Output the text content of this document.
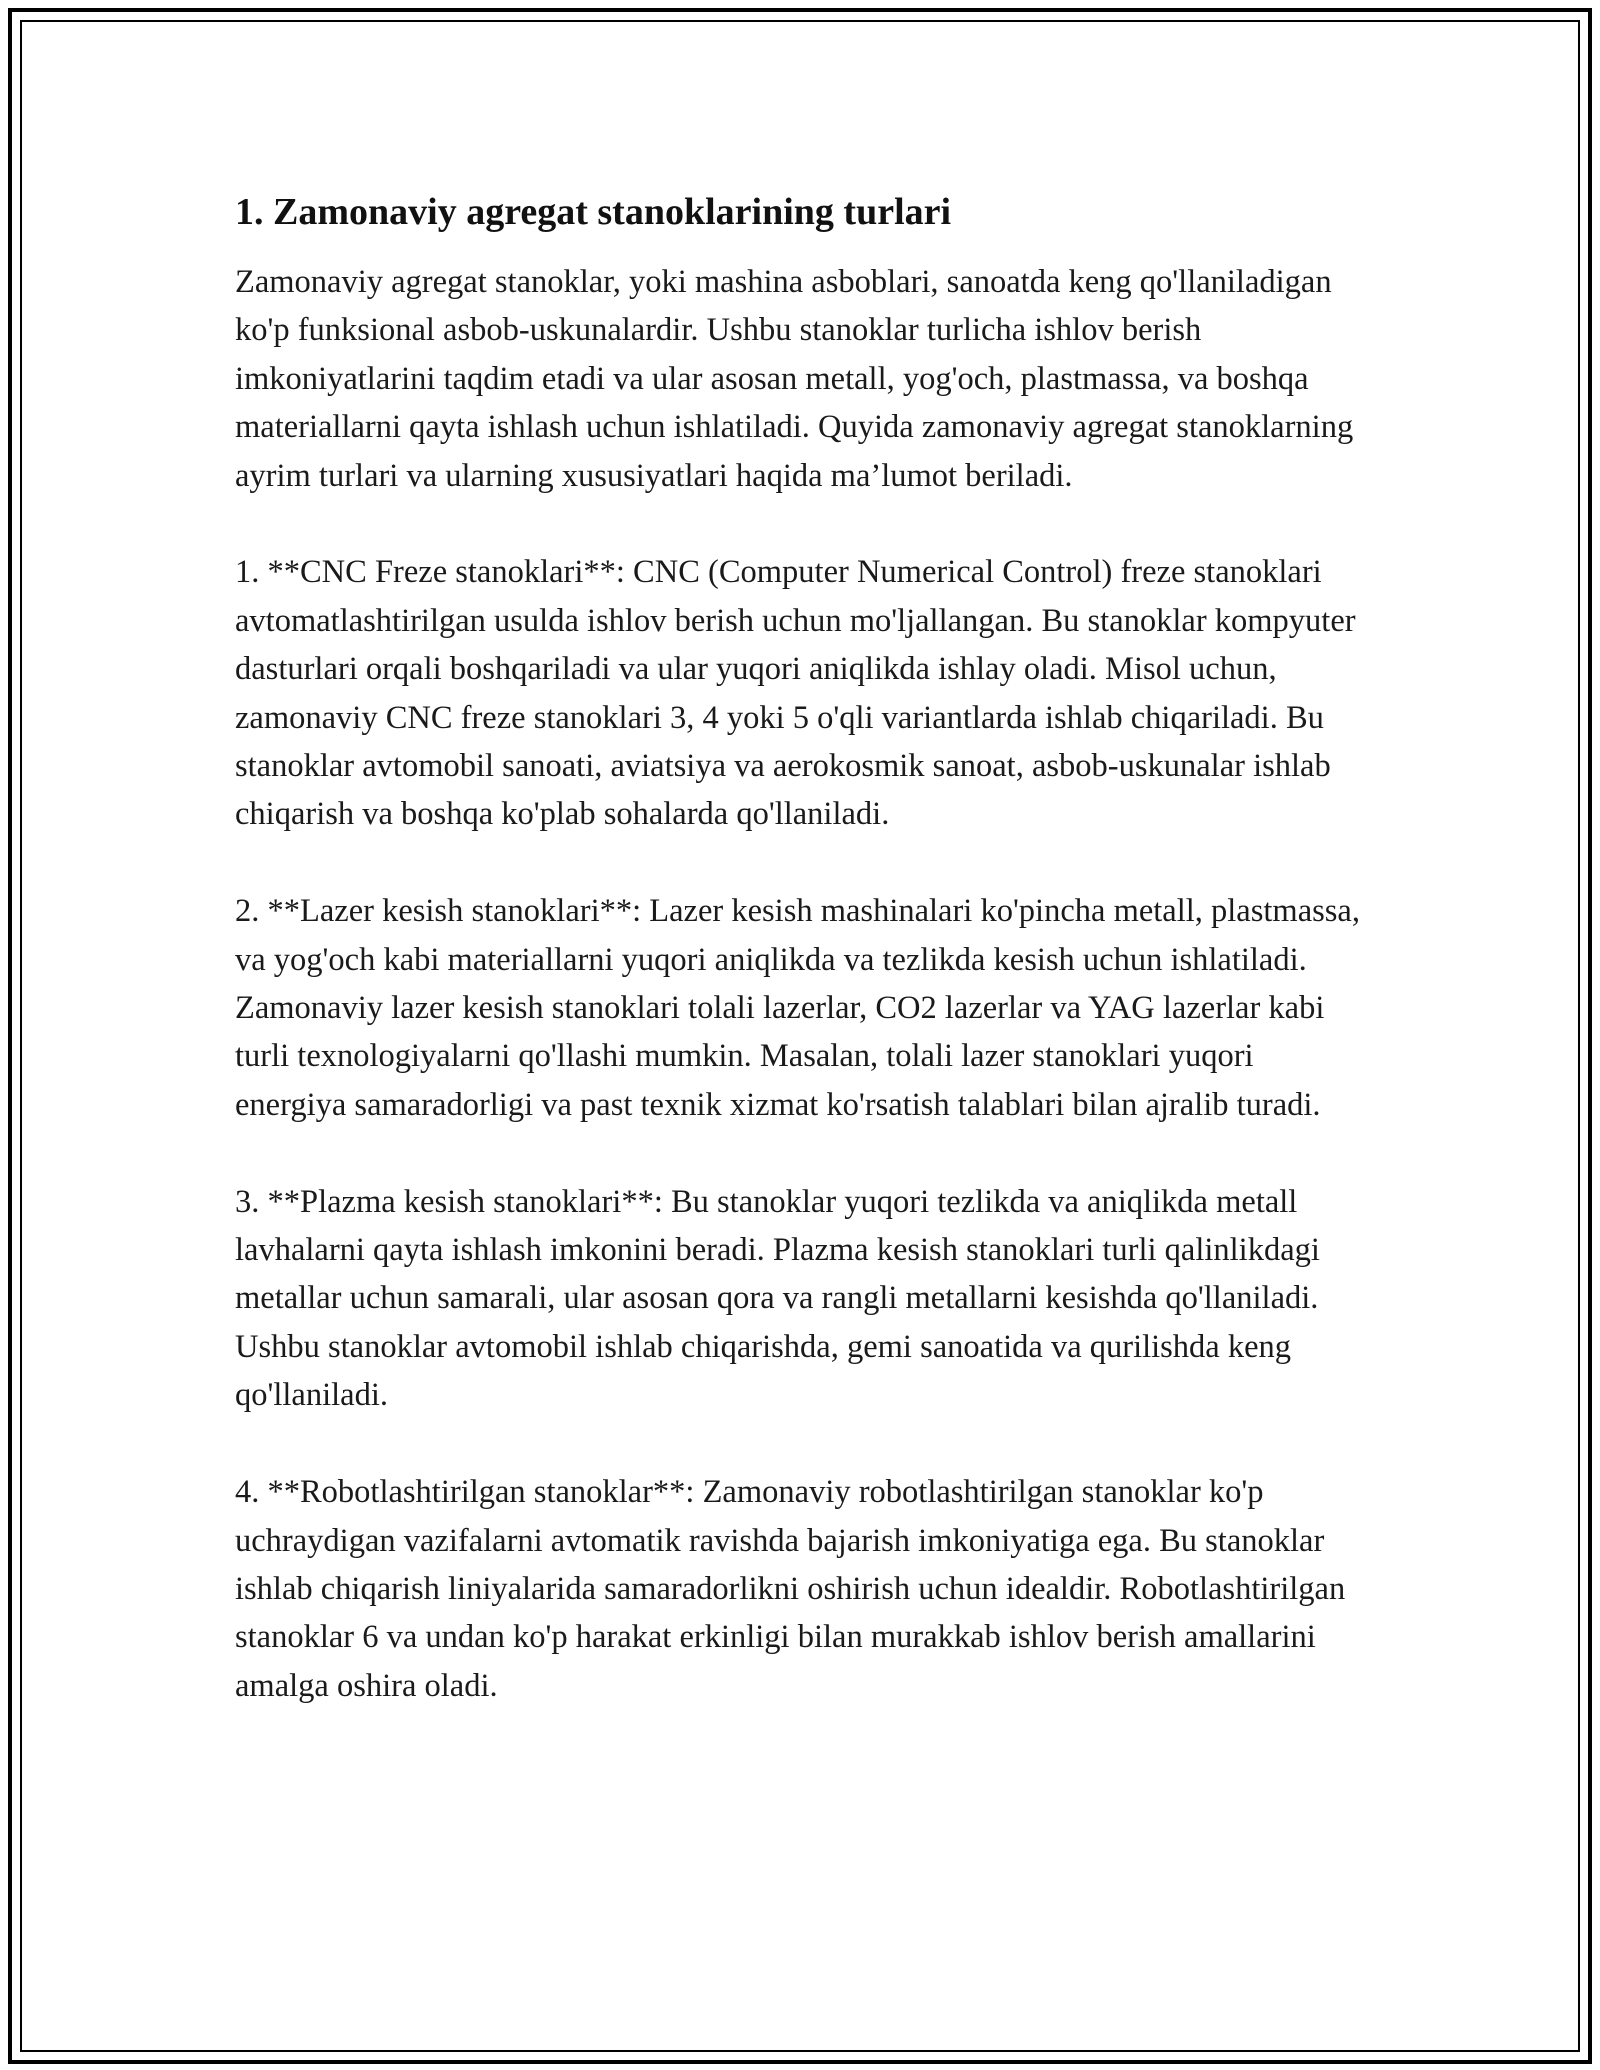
1. Zamonaviy agregat stanoklarining turlari

Zamonaviy agregat stanoklar, yoki mashina asboblari, sanoatda keng qo'llaniladigan ko'p funksional asbob-uskunalardir. Ushbu stanoklar turlicha ishlov berish imkoniyatlarini taqdim etadi va ular asosan metall, yog'och, plastmassa, va boshqa materiallarni qayta ishlash uchun ishlatiladi. Quyida zamonaviy agregat stanoklarning ayrim turlari va ularning xususiyatlari haqida ma’lumot beriladi.

1. **CNC Freze stanoklari**: CNC (Computer Numerical Control) freze stanoklari avtomatlashtirilgan usulda ishlov berish uchun mo'ljallangan. Bu stanoklar kompyuter dasturlari orqali boshqariladi va ular yuqori aniqlikda ishlay oladi. Misol uchun, zamonaviy CNC freze stanoklari 3, 4 yoki 5 o'qli variantlarda ishlab chiqariladi. Bu stanoklar avtomobil sanoati, aviatsiya va aerokosmik sanoat, asbob-uskunalar ishlab chiqarish va boshqa ko'plab sohalarda qo'llaniladi.

2. **Lazer kesish stanoklari**: Lazer kesish mashinalari ko'pincha metall, plastmassa, va yog'och kabi materiallarni yuqori aniqlikda va tezlikda kesish uchun ishlatiladi. Zamonaviy lazer kesish stanoklari tolali lazerlar, CO2 lazerlar va YAG lazerlar kabi turli texnologiyalarni qo'llashi mumkin. Masalan, tolali lazer stanoklari yuqori energiya samaradorligi va past texnik xizmat ko'rsatish talablari bilan ajralib turadi.

3. **Plazma kesish stanoklari**: Bu stanoklar yuqori tezlikda va aniqlikda metall lavhalarni qayta ishlash imkonini beradi. Plazma kesish stanoklari turli qalinlikdagi metallar uchun samarali, ular asosan qora va rangli metallarni kesishda qo'llaniladi. Ushbu stanoklar avtomobil ishlab chiqarishda, gemi sanoatida va qurilishda keng qo'llaniladi.

4. **Robotlashtirilgan stanoklar**: Zamonaviy robotlashtirilgan stanoklar ko'p uchraydigan vazifalarni avtomatik ravishda bajarish imkoniyatiga ega. Bu stanoklar ishlab chiqarish liniyalarida samaradorlikni oshirish uchun idealdir. Robotlashtirilgan stanoklar 6 va undan ko'p harakat erkinligi bilan murakkab ishlov berish amallarini amalga oshira oladi.
